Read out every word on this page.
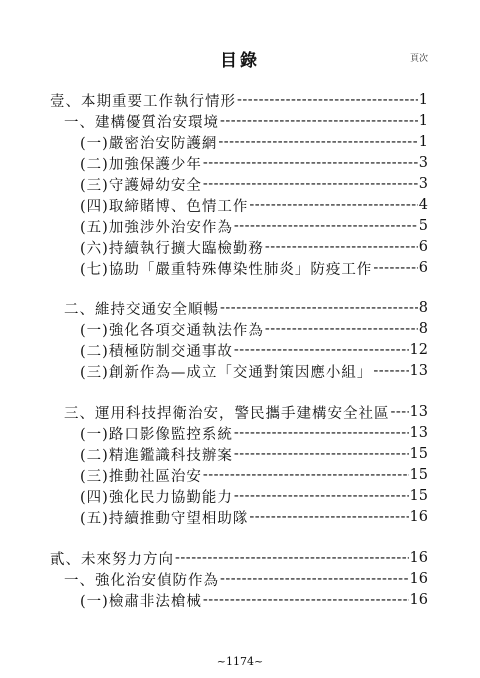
目錄	頁次
壹、本期重要工作執行情形 -----	1
一、建構優質治安環境 -----	1
(一)嚴密治安防護網 -----	1
(二)加強保護少年 -----	3
(三)守護婦幼安全 -----	3
(四)取締賭博、色情工作 -----	4
(五)加強涉外治安作為 -----	5
(六)持續執行擴大臨檢勤務 -----	6
(七)協助「嚴重特殊傳染性肺炎」防疫工作 -----	6
二、維持交通安全順暢 -----	8
(一)強化各項交通執法作為 -----	8
(二)積極防制交通事故 -----	12
(三)創新作為—成立「交通對策因應小組」 -----	13
三、運用科技捍衛治安，警民攜手建構安全社區 ----- 13
(一)路口影像監控系統 -----	13
(二)精進鑑識科技辦案 -----	15
(三)推動社區治安 -----	15
(四)強化民力協勤能力 -----	15
(五)持續推動守望相助隊 -----	16
貳、未來努力方向 -----	16
一、強化治安偵防作為 -----	16
(一)檢肅非法槍械 -----	16
~1174~
